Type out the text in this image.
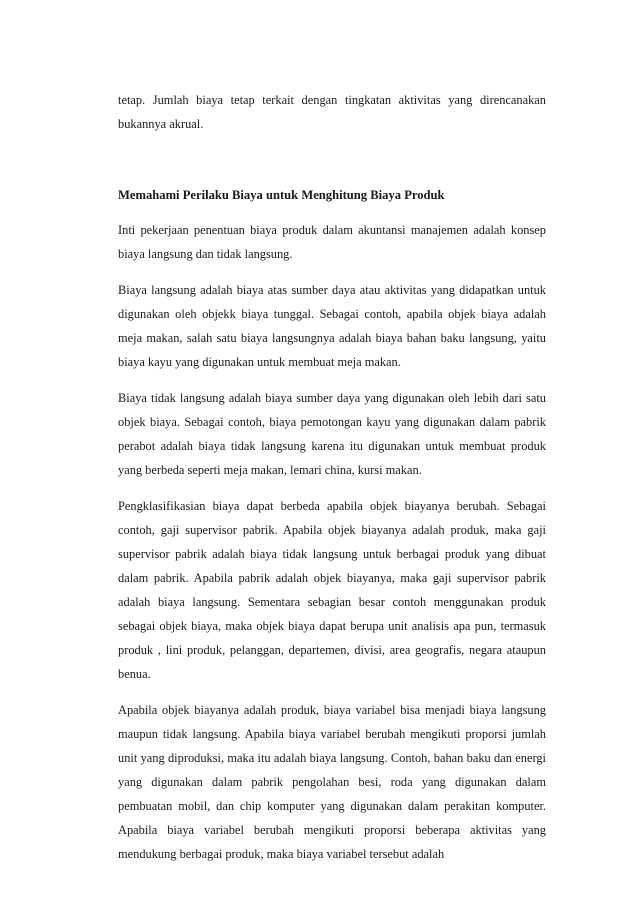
tetap. Jumlah biaya tetap terkait dengan tingkatan aktivitas yang direncanakan bukannya akrual.

Memahami Perilaku Biaya untuk Menghitung Biaya Produk

Inti pekerjaan penentuan biaya produk dalam akuntansi manajemen adalah konsep biaya langsung dan tidak langsung.

Biaya langsung adalah biaya atas sumber daya atau aktivitas yang didapatkan untuk digunakan oleh objekk biaya tunggal. Sebagai contoh, apabila objek biaya adalah meja makan, salah satu biaya langsungnya adalah biaya bahan baku langsung, yaitu biaya kayu yang digunakan untuk membuat meja makan.

Biaya tidak langsung adalah biaya sumber daya yang digunakan oleh lebih dari satu objek biaya. Sebagai contoh, biaya pemotongan kayu yang digunakan dalam pabrik perabot adalah biaya tidak langsung karena itu digunakan untuk membuat produk yang berbeda seperti meja makan, lemari china, kursi makan.

Pengklasifikasian biaya dapat berbeda apabila objek biayanya berubah. Sebagai contoh, gaji supervisor pabrik. Apabila objek biayanya adalah produk, maka gaji supervisor pabrik adalah biaya tidak langsung untuk berbagai produk yang dibuat dalam pabrik. Apabila pabrik adalah objek biayanya, maka gaji supervisor pabrik adalah biaya langsung. Sementara sebagian besar contoh menggunakan produk sebagai objek biaya, maka objek biaya dapat berupa unit analisis apa pun, termasuk produk , lini produk, pelanggan, departemen, divisi, area geografis, negara ataupun benua.

Apabila objek biayanya adalah produk, biaya variabel bisa menjadi biaya langsung maupun tidak langsung. Apabila biaya variabel berubah mengikuti proporsi jumlah unit yang diproduksi, maka itu adalah biaya langsung. Contoh, bahan baku dan energi yang digunakan dalam pabrik pengolahan besi, roda yang digunakan dalam pembuatan mobil, dan chip komputer yang digunakan dalam perakitan komputer. Apabila biaya variabel berubah mengikuti proporsi beberapa aktivitas yang mendukung berbagai produk, maka biaya variabel tersebut adalah
